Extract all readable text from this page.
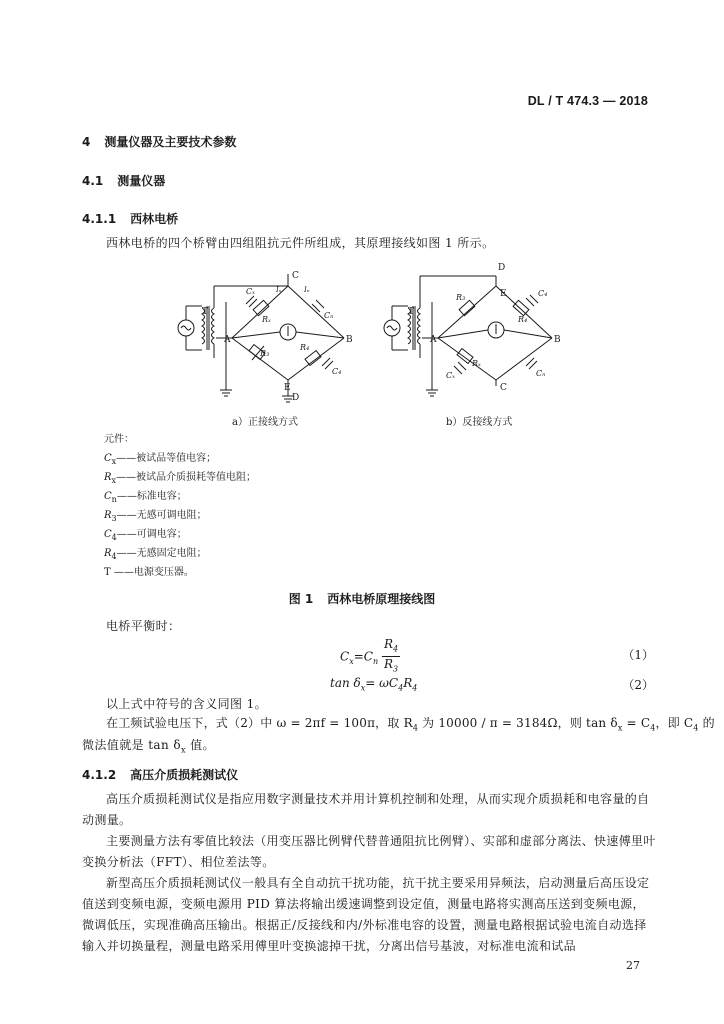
DL / T 474.3 — 2018
4 测量仪器及主要技术参数
4.1 测量仪器
4.1.1 西林电桥
西林电桥的四个桥臂由四组阻抗元件所组成，其原理接线如图 1 所示。
T
A	B
C
E
D
Cₓ
Rₓ
Iₓ	Iₙ
Cₙ
R₃
R₄
C₄
T
A	B
D
E
C
R₃
R₄
C₄
Rₓ
Cₓ	Cₙ
a）正接线方式	b）反接线方式
元件：
$C_x——$被试品等值电容；
$R_x——$被试品介质损耗等值电阻；
$C_n——$标准电容；
$R_3——$无感可调电阻；
$C_4——$可调电容；
$R_4——$无感固定电阻；
T ——电源变压器。
图 1 西林电桥原理接线图
电桥平衡时：
$C_x=C_n \frac{R_4}{R_3}$	（1）
$\tan \delta_x= \omega C_4R_4$	（2）
以上式中符号的含义同图 1。
在工频试验电压下，式（2）中 ω = 2πf = 100π，取 $R_4$ 为 10000 / π = 3184Ω，则 $\tan \delta_x = C_4$，即 $C_4$ 的
微法值就是 $\tan \delta_x$ 值。
4.1.2 高压介质损耗测试仪
高压介质损耗测试仪是指应用数字测量技术并用计算机控制和处理，从而实现介质损耗和电容量的自动测量。
主要测量方法有零值比较法（用变压器比例臂代替普通阻抗比例臂）、实部和虚部分离法、快速傅里叶变换分析法（FFT）、相位差法等。
新型高压介质损耗测试仪一般具有全自动抗干扰功能，抗干扰主要采用异频法，启动测量后高压设定值送到变频电源，变频电源用 PID 算法将输出缓速调整到设定值，测量电路将实测高压送到变频电源，微调低压，实现准确高压输出。根据正/反接线和内/外标准电容的设置，测量电路根据试验电流自动选择输入并切换量程，测量电路采用傅里叶变换滤掉干扰，分离出信号基波，对标准电流和试品
27
